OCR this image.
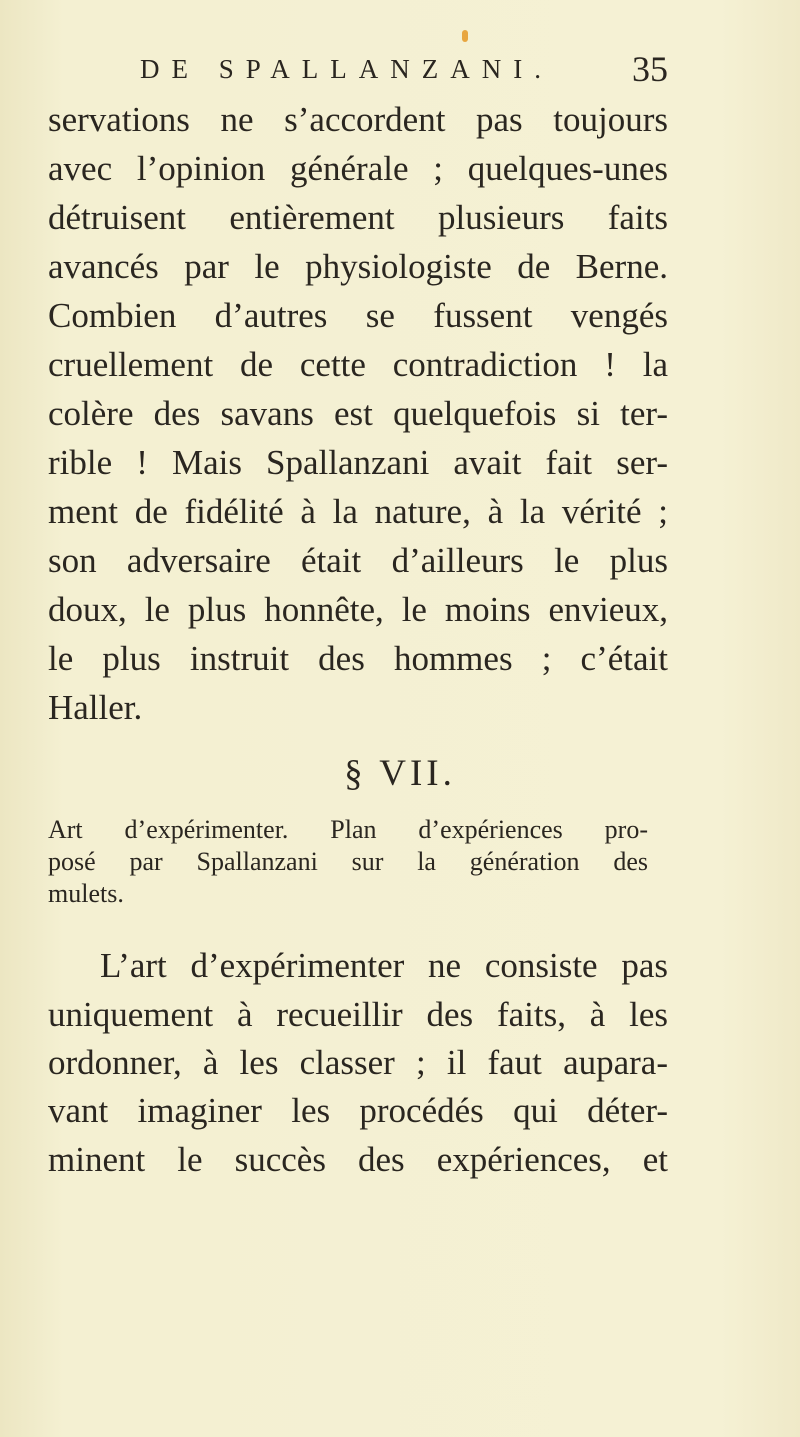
DE SPALLANZANI. 35
servations ne s’accordent pas toujours
avec l’opinion générale ; quelques-unes
détruisent entièrement plusieurs faits
avancés par le physiologiste de Berne.
Combien d’autres se fussent vengés
cruellement de cette contradiction ! la
colère des savans est quelquefois si ter-
rible ! Mais Spallanzani avait fait ser-
ment de fidélité à la nature, à la vérité ;
son adversaire était d’ailleurs le plus
doux, le plus honnête, le moins envieux,
le plus instruit des hommes ; c’était
Haller.
§ VII.
Art d’expérimenter. Plan d’expériences pro-
posé par Spallanzani sur la génération des
mulets.
L’art d’expérimenter ne consiste pas
uniquement à recueillir des faits, à les
ordonner, à les classer ; il faut aupara-
vant imaginer les procédés qui déter-
minent le succès des expériences, et
